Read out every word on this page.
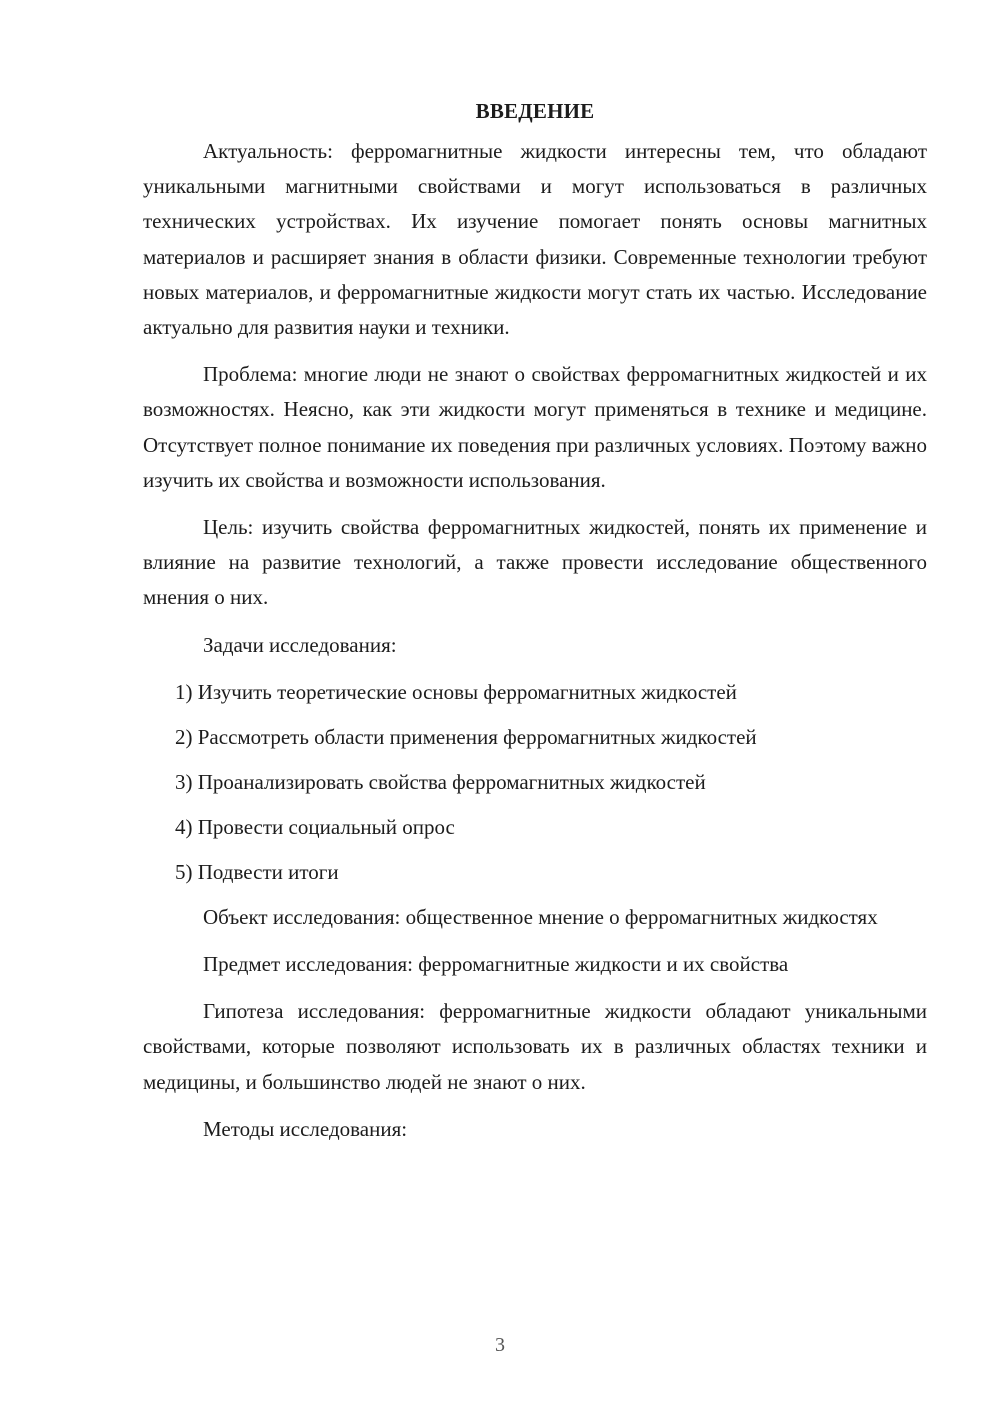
ВВЕДЕНИЕ

Актуальность: ферромагнитные жидкости интересны тем, что обладают уникальными магнитными свойствами и могут использоваться в различных технических устройствах. Их изучение помогает понять основы магнитных материалов и расширяет знания в области физики. Современные технологии требуют новых материалов, и ферромагнитные жидкости могут стать их частью. Исследование актуально для развития науки и техники.

Проблема: многие люди не знают о свойствах ферромагнитных жидкостей и их возможностях. Неясно, как эти жидкости могут применяться в технике и медицине. Отсутствует полное понимание их поведения при различных условиях. Поэтому важно изучить их свойства и возможности использования.

Цель: изучить свойства ферромагнитных жидкостей, понять их применение и влияние на развитие технологий, а также провести исследование общественного мнения о них.

Задачи исследования:

1) Изучить теоретические основы ферромагнитных жидкостей
2) Рассмотреть области применения ферромагнитных жидкостей
3) Проанализировать свойства ферромагнитных жидкостей
4) Провести социальный опрос
5) Подвести итоги

Объект исследования: общественное мнение о ферромагнитных жидкостях

Предмет исследования: ферромагнитные жидкости и их свойства

Гипотеза исследования: ферромагнитные жидкости обладают уникальными свойствами, которые позволяют использовать их в различных областях техники и медицины, и большинство людей не знают о них.

Методы исследования:

3
